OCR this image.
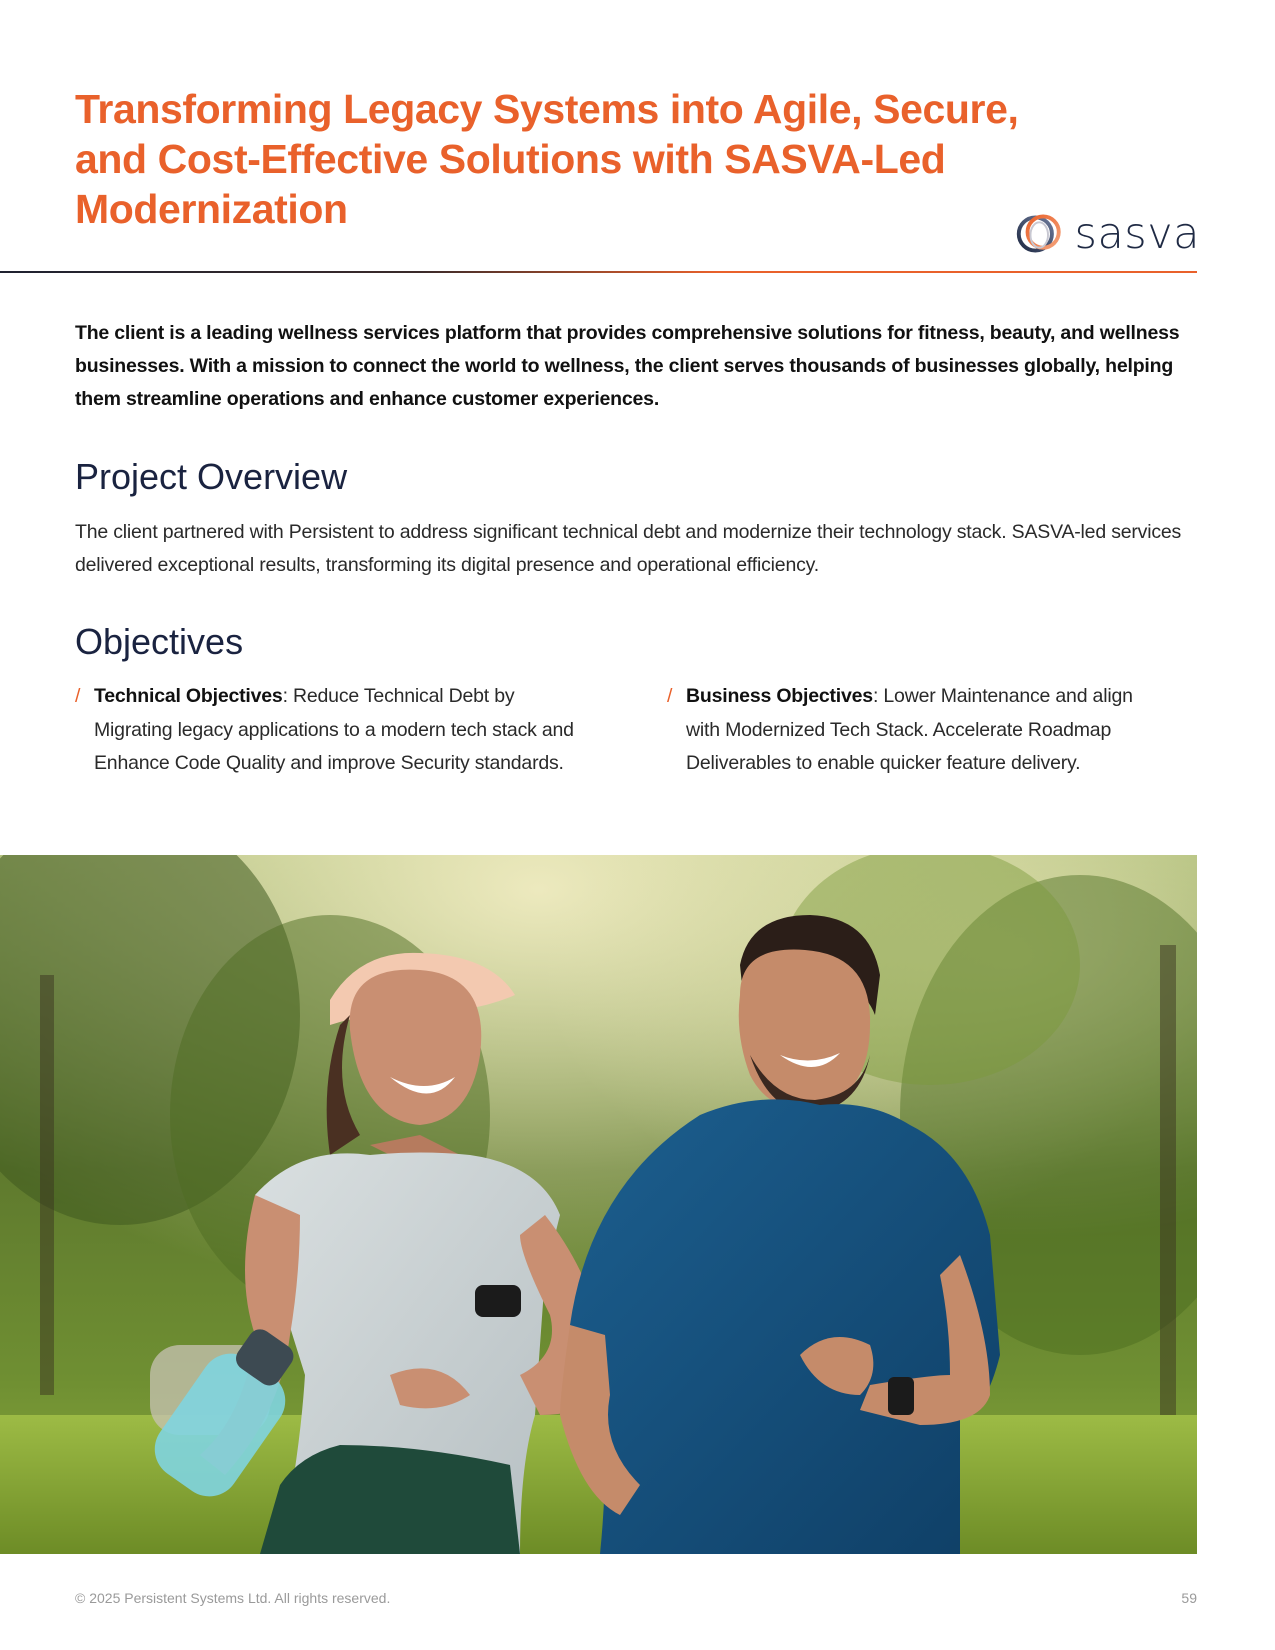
Transforming Legacy Systems into Agile, Secure, and Cost-Effective Solutions with SASVA-Led Modernization	sasva

The client is a leading wellness services platform that provides comprehensive solutions for fitness, beauty, and wellness businesses. With a mission to connect the world to wellness, the client serves thousands of businesses globally, helping them streamline operations and enhance customer experiences.

Project Overview

The client partnered with Persistent to address significant technical debt and modernize their technology stack. SASVA-led services delivered exceptional results, transforming its digital presence and operational efficiency.

Objectives

/ Technical Objectives: Reduce Technical Debt by Migrating legacy applications to a modern tech stack and Enhance Code Quality and improve Security standards.

/ Business Objectives: Lower Maintenance and align with Modernized Tech Stack. Accelerate Roadmap Deliverables to enable quicker feature delivery.

© 2025 Persistent Systems Ltd. All rights reserved.	59
